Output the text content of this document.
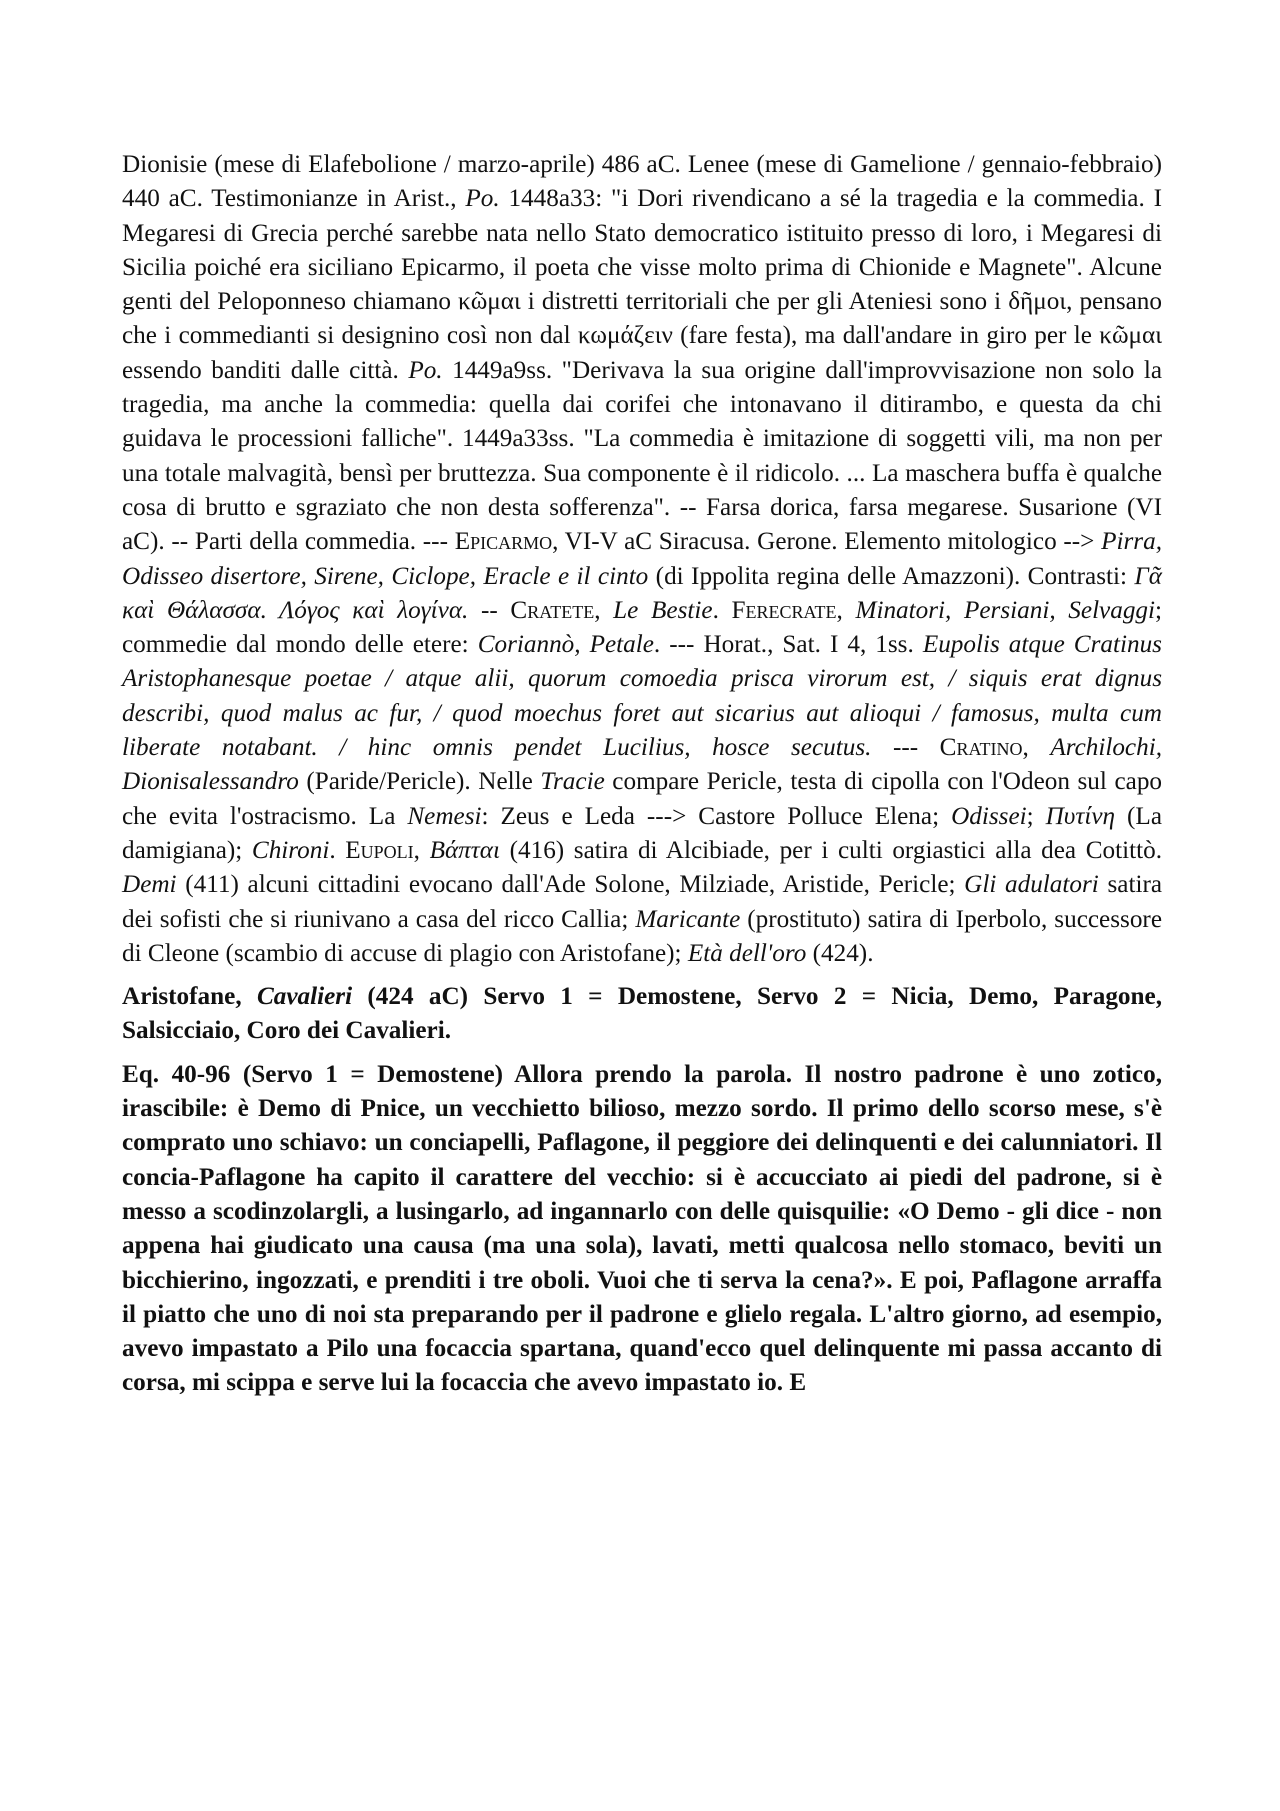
Dionisie (mese di Elafebolione / marzo-aprile) 486 aC. Lenee (mese di Gamelione / gennaio-febbraio) 440 aC. Testimonianze in Arist., Po. 1448a33: "i Dori rivendicano a sé la tragedia e la commedia. I Megaresi di Grecia perché sarebbe nata nello Stato democratico istituito presso di loro, i Megaresi di Sicilia poiché era siciliano Epicarmo, il poeta che visse molto prima di Chionide e Magnete". Alcune genti del Peloponneso chiamano κῶμαι i distretti territoriali che per gli Ateniesi sono i δῆμοι, pensano che i commedianti si designino così non dal κωμάζειν (fare festa), ma dall'andare in giro per le κῶμαι essendo banditi dalle città. Po. 1449a9ss. "Derivava la sua origine dall'improvvisazione non solo la tragedia, ma anche la commedia: quella dai corifei che intonavano il ditirambo, e questa da chi guidava le processioni falliche". 1449a33ss. "La commedia è imitazione di soggetti vili, ma non per una totale malvagità, bensì per bruttezza. Sua componente è il ridicolo. ... La maschera buffa è qualche cosa di brutto e sgraziato che non desta sofferenza". -- Farsa dorica, farsa megarese. Susarione (VI aC). -- Parti della commedia. --- Epicarmo, VI-V aC Siracusa. Gerone. Elemento mitologico --> Pirra, Odisseo disertore, Sirene, Ciclope, Eracle e il cinto (di Ippolita regina delle Amazzoni). Contrasti: Γᾶ καὶ Θάλασσα. Λόγος καὶ λογίνα. -- Cratete, Le Bestie. Ferecrate, Minatori, Persiani, Selvaggi; commedie dal mondo delle etere: Coriannò, Petale. --- Horat., Sat. I 4, 1ss. Eupolis atque Cratinus Aristophanesque poetae / atque alii, quorum comoedia prisca virorum est, / siquis erat dignus describi, quod malus ac fur, / quod moechus foret aut sicarius aut alioqui / famosus, multa cum liberate notabant. / hinc omnis pendet Lucilius, hosce secutus. --- Cratino, Archilochi, Dionisalessandro (Paride/Pericle). Nelle Tracie compare Pericle, testa di cipolla con l'Odeon sul capo che evita l'ostracismo. La Nemesi: Zeus e Leda ---> Castore Polluce Elena; Odissei; Πυτίνη (La damigiana); Chironi. Eupoli, Βάπται (416) satira di Alcibiade, per i culti orgiastici alla dea Cotittò. Demi (411) alcuni cittadini evocano dall'Ade Solone, Milziade, Aristide, Pericle; Gli adulatori satira dei sofisti che si riunivano a casa del ricco Callia; Maricante (prostituto) satira di Iperbolo, successore di Cleone (scambio di accuse di plagio con Aristofane); Età dell'oro (424).

Aristofane, Cavalieri (424 aC) Servo 1 = Demostene, Servo 2 = Nicia, Demo, Paragone, Salsicciaio, Coro dei Cavalieri.

Eq. 40-96 (Servo 1 = Demostene) Allora prendo la parola. Il nostro padrone è uno zotico, irascibile: è Demo di Pnice, un vecchietto bilioso, mezzo sordo. Il primo dello scorso mese, s'è comprato uno schiavo: un conciapelli, Paflagone, il peggiore dei delinquenti e dei calunniatori. Il concia-Paflagone ha capito il carattere del vecchio: si è accucciato ai piedi del padrone, si è messo a scodinzolargli, a lusingarlo, ad ingannarlo con delle quisquilie: «O Demo - gli dice - non appena hai giudicato una causa (ma una sola), lavati, metti qualcosa nello stomaco, beviti un bicchierino, ingozzati, e prenditi i tre oboli. Vuoi che ti serva la cena?». E poi, Paflagone arraffa il piatto che uno di noi sta preparando per il padrone e glielo regala. L'altro giorno, ad esempio, avevo impastato a Pilo una focaccia spartana, quand'ecco quel delinquente mi passa accanto di corsa, mi scippa e serve lui la focaccia che avevo impastato io. E
